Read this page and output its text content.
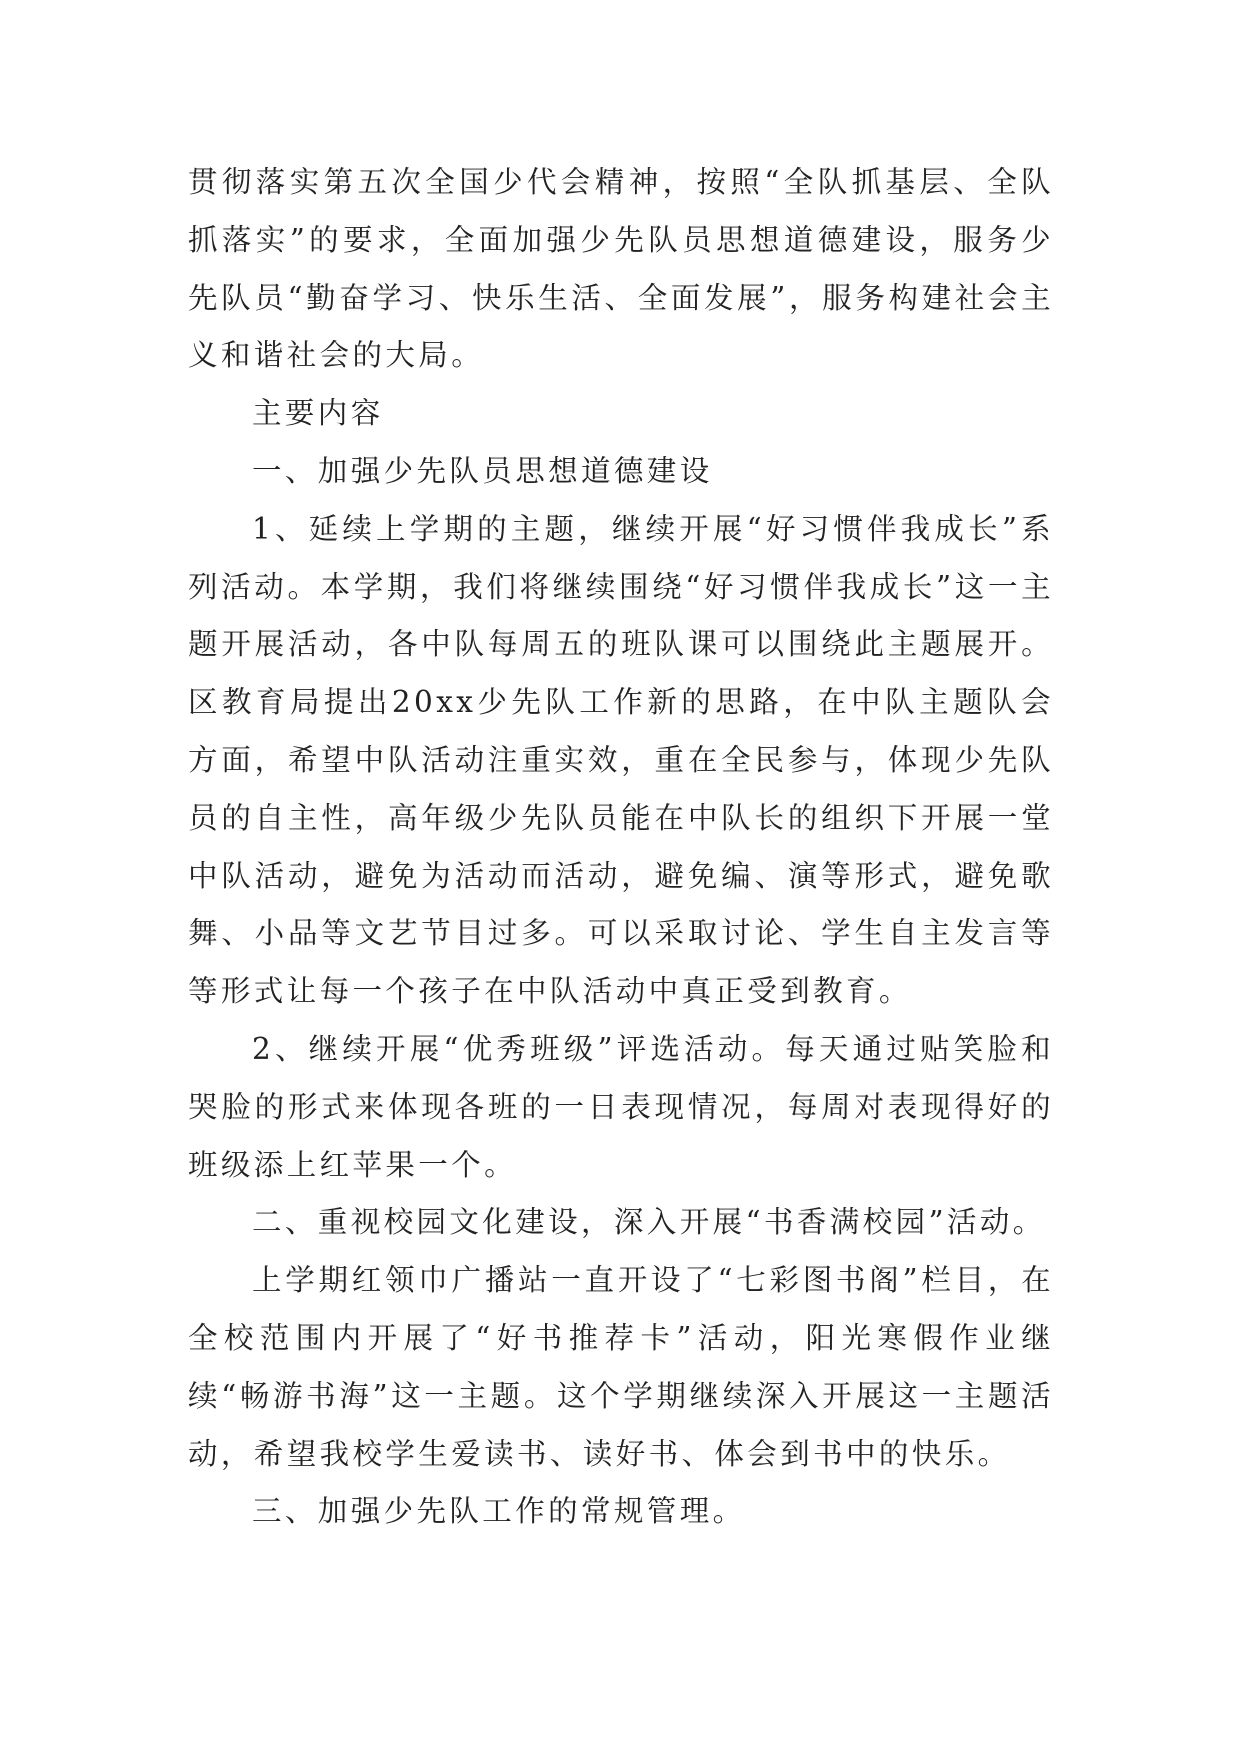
贯彻落实第五次全国少代会精神，按照“全队抓基层、全队抓落实”的要求，全面加强少先队员思想道德建设，服务少先队员“勤奋学习、快乐生活、全面发展”，服务构建社会主义和谐社会的大局。

主要内容

一、加强少先队员思想道德建设

1、延续上学期的主题，继续开展“好习惯伴我成长”系列活动。本学期，我们将继续围绕“好习惯伴我成长”这一主题开展活动，各中队每周五的班队课可以围绕此主题展开。区教育局提出20xx少先队工作新的思路，在中队主题队会方面，希望中队活动注重实效，重在全民参与，体现少先队员的自主性，高年级少先队员能在中队长的组织下开展一堂中队活动，避免为活动而活动，避免编、演等形式，避免歌舞、小品等文艺节目过多。可以采取讨论、学生自主发言等等形式让每一个孩子在中队活动中真正受到教育。

2、继续开展“优秀班级”评选活动。每天通过贴笑脸和哭脸的形式来体现各班的一日表现情况，每周对表现得好的班级添上红苹果一个。

二、重视校园文化建设，深入开展“书香满校园”活动。

上学期红领巾广播站一直开设了“七彩图书阁”栏目，在全校范围内开展了“好书推荐卡”活动，阳光寒假作业继续“畅游书海”这一主题。这个学期继续深入开展这一主题活动，希望我校学生爱读书、读好书、体会到书中的快乐。

三、加强少先队工作的常规管理。
